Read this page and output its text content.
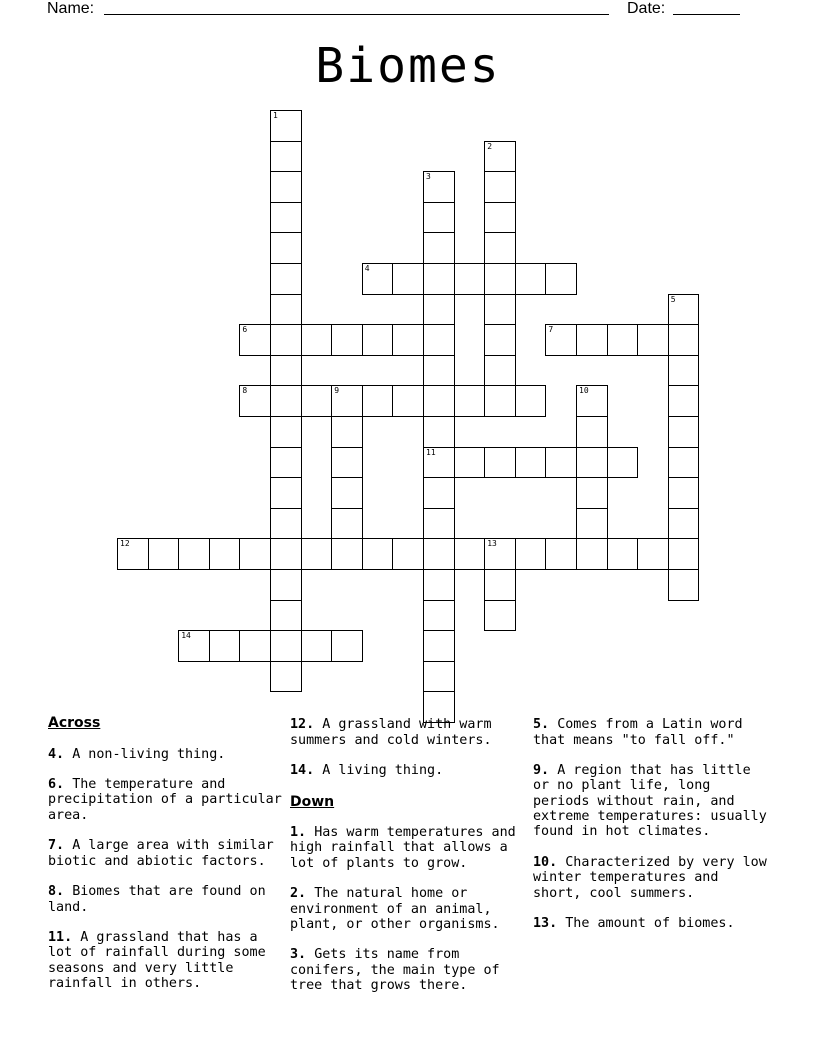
Name:	Date:
Biomes
1
2
3
11
4
5
6	7
8	9	10
12	13
14

Across

4. A non-living thing.

6. The temperature and precipitation of a particular area.

7. A large area with similar biotic and abiotic factors.

8. Biomes that are found on land.

11. A grassland that has a lot of rainfall during some seasons and very little rainfall in others.

12. A grassland with warm summers and cold winters.

14. A living thing.

Down

1. Has warm temperatures and high rainfall that allows a lot of plants to grow.

2. The natural home or environment of an animal, plant, or other organisms.

3. Gets its name from conifers, the main type of tree that grows there.

5. Comes from a Latin word that means "to fall off."

9. A region that has little or no plant life, long periods without rain, and extreme temperatures: usually found in hot climates.

10. Characterized by very low winter temperatures and short, cool summers.

13. The amount of biomes.
